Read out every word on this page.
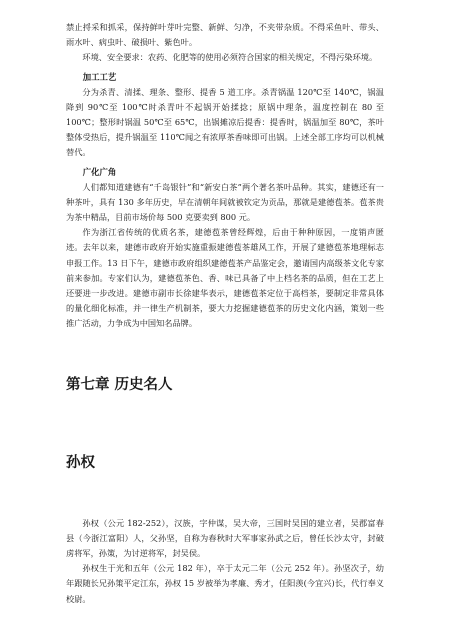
禁止捋采和抓采，保持鲜叶芽叶完整、新鲜、匀净，不夹带杂质。不得采鱼叶、带头、雨水叶、病虫叶、破损叶、紫色叶。

环境、安全要求：农药、化肥等的使用必须符合国家的相关规定，不得污染环境。

加工工艺

分为杀青、清揉、理条、整形、提香 5 道工序。杀青锅温 120℃至 140℃，锅温降到 90℃至 100℃时杀青叶不起锅开始揉捻；原锅中理条，温度控制在 80 至 100℃；整形时锅温 50℃至 65℃，出锅摊凉后提香：提香时，锅温加至 80℃，茶叶整体受热后，提升锅温至 110℃闻之有浓厚茶香味即可出锅。上述全部工序均可以机械替代。

广化广角

人们都知道建德有“千岛银针”和“新安白茶”两个著名茶叶品种。其实，建德还有一种茶叶，具有 130 多年历史，早在清朝年间就被钦定为贡品，那就是建德苞茶。苞茶贵为茶中精品，目前市场价每 500 克要卖到 800 元。

作为浙江省传统的优质名茶，建德苞茶曾经辉煌，后由于种种原因，一度销声匿迹。去年以来，建德市政府开始实施重振建德苞茶雄风工作，开展了建德苞茶地理标志申报工作。13 日下午，建德市政府组织建德苞茶产品鉴定会，邀请国内高级茶文化专家前来参加。专家们认为，建德苞茶色、香、味已具备了中上档名茶的品质，但在工艺上还要进一步改进。建德市副市长徐建华表示，建德苞茶定位于高档茶，要制定非常具体的量化细化标准，并一律生产机制茶，要大力挖掘建德苞茶的历史文化内涵，策划一些推广活动，力争成为中国知名品牌。

第七章 历史名人
孙权

孙权（公元 182-252），汉族，字仲谋，吴大帝，三国时吴国的建立者，吴郡富春县（今浙江富阳）人，父孙坚，自称为春秋时大军事家孙武之后，曾任长沙太守，封破虏将军，孙策，为讨逆将军，封吴侯。

孙权生于光和五年（公元 182 年），卒于太元二年（公元 252 年）。孙坚次子，幼年跟随长兄孙策平定江东，孙权 15 岁被举为孝廉、秀才，任阳羡(今宜兴)长，代行奉义校尉。
